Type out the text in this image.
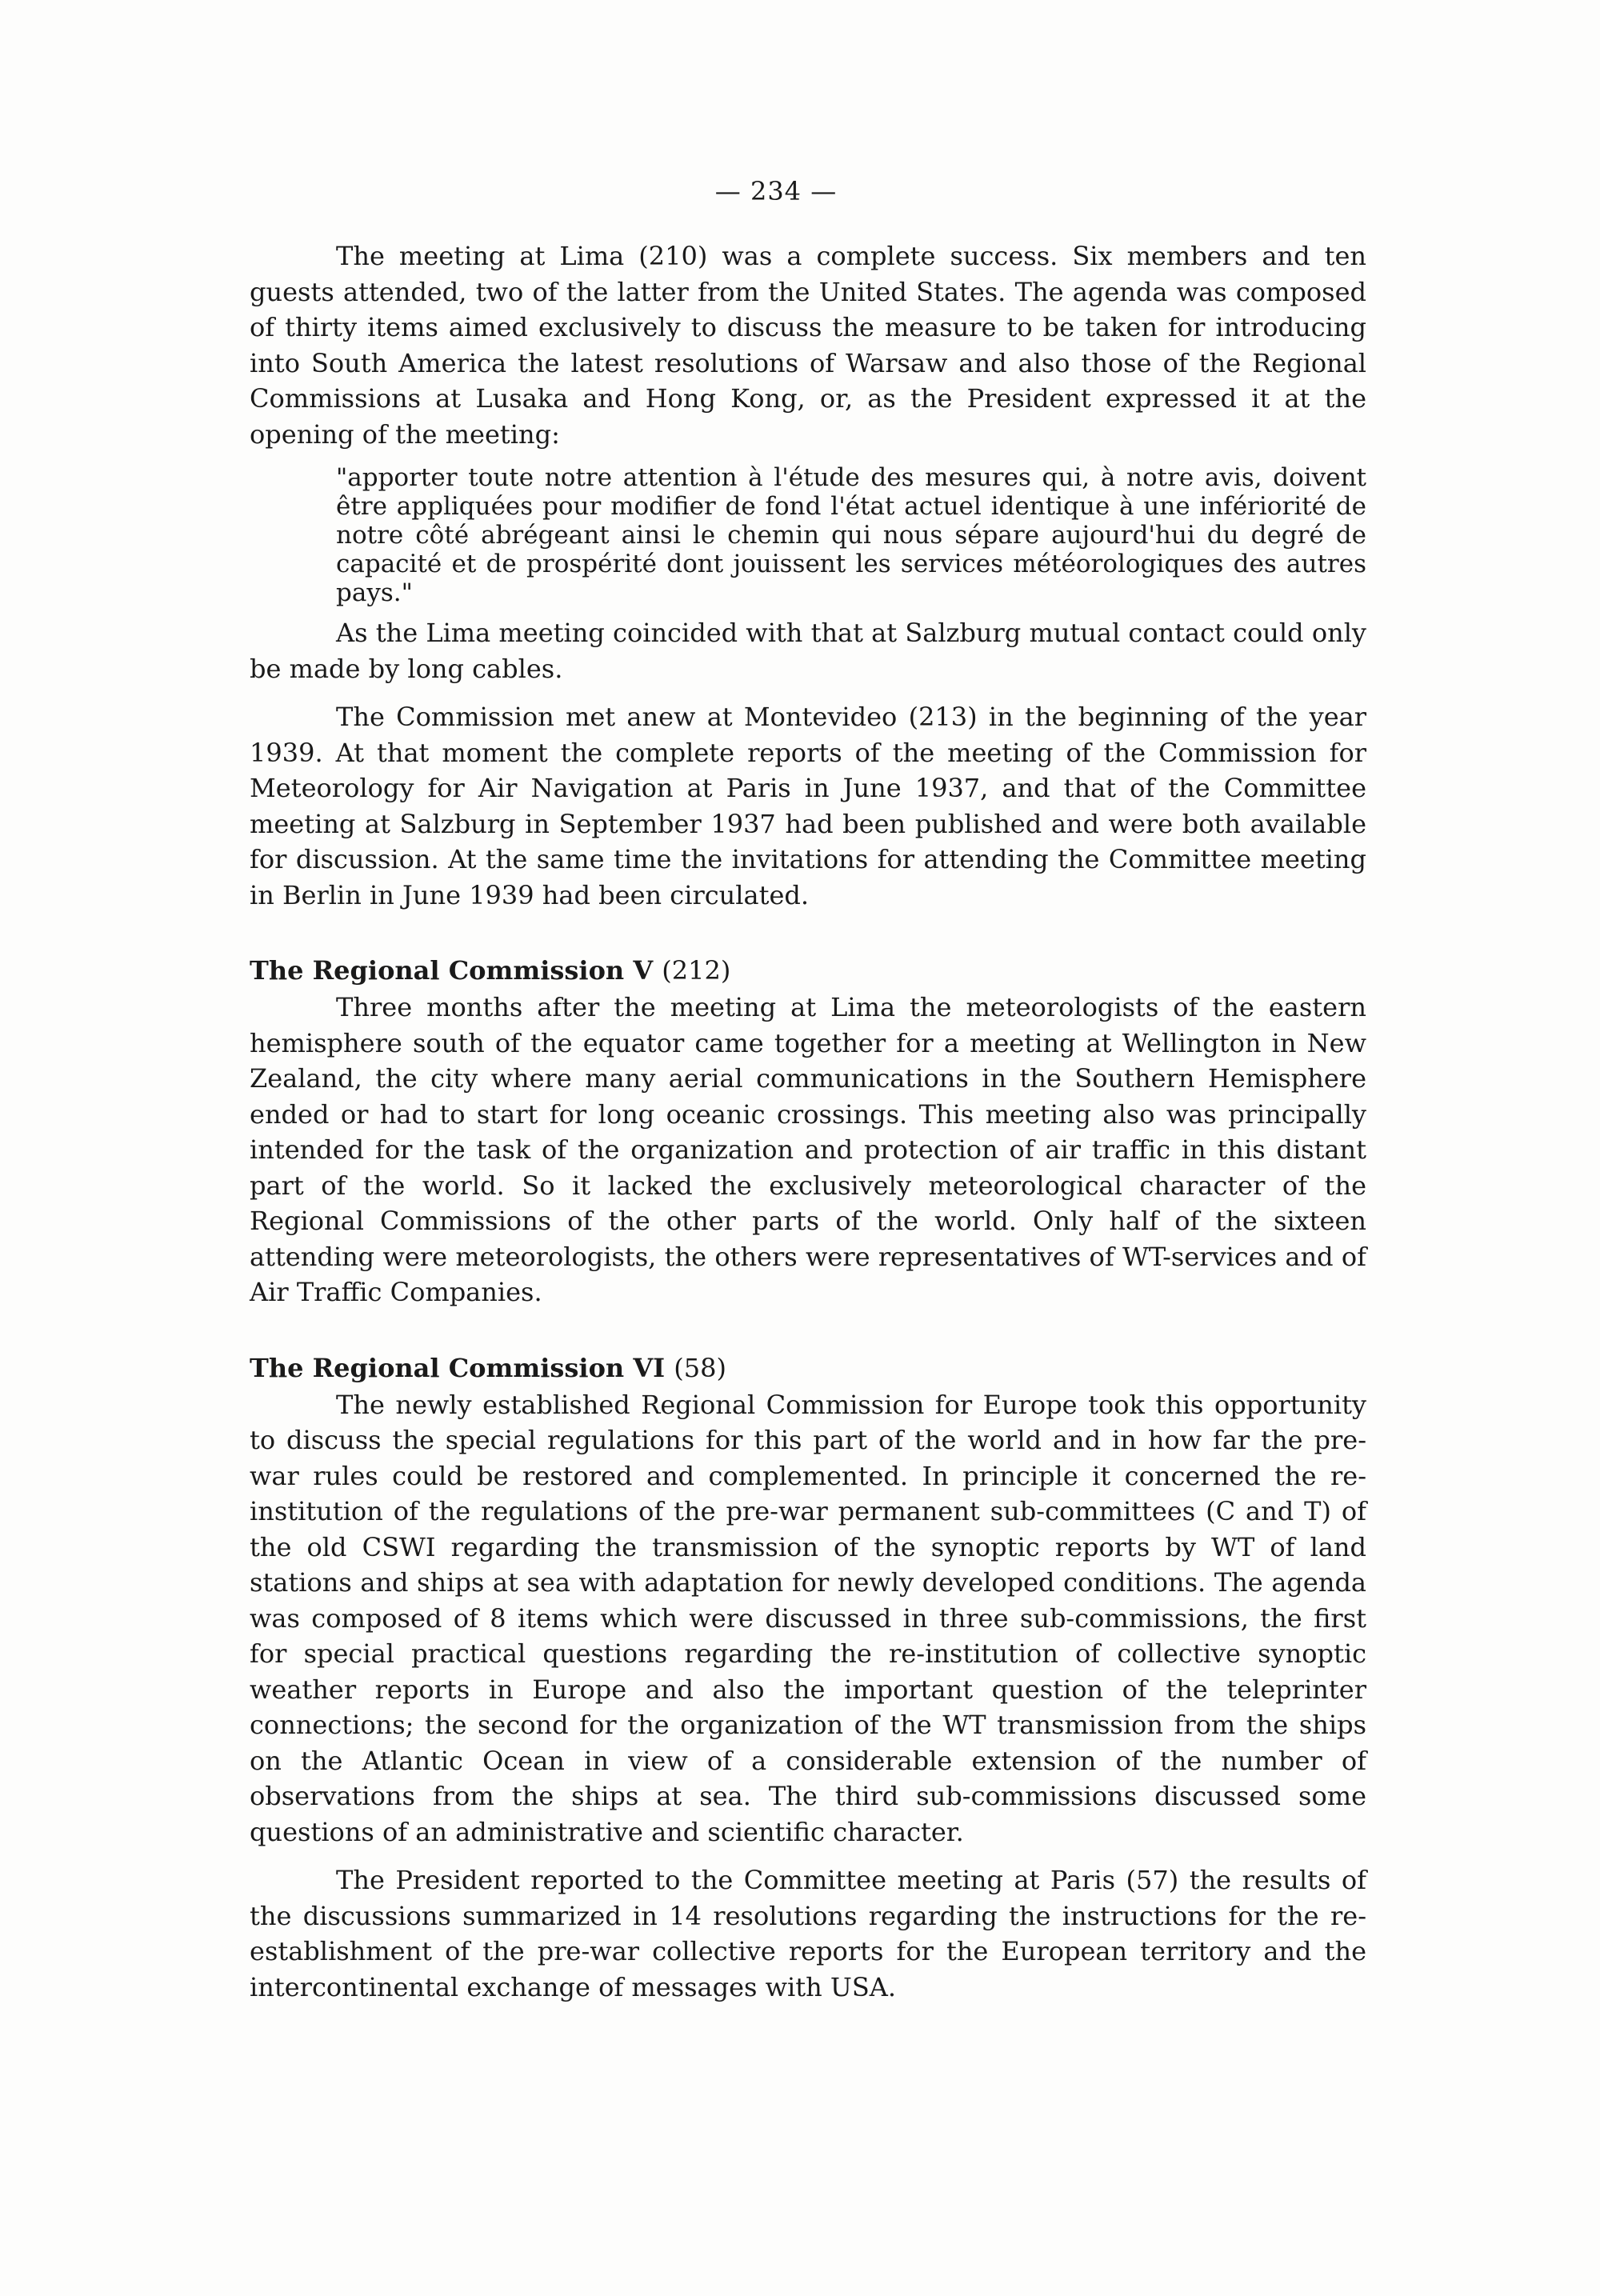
— 234 —

The meeting at Lima (210) was a complete success. Six members and ten guests attended, two of the latter from the United States. The agenda was composed of thirty items aimed exclusively to discuss the measure to be taken for introducing into South America the latest resolutions of Warsaw and also those of the Regional Commissions at Lusaka and Hong Kong, or, as the President expressed it at the opening of the meeting:

"apporter toute notre attention à l'étude des mesures qui, à notre avis, doivent être appliquées pour modifier de fond l'état actuel identique à une infériorité de notre côté abrégeant ainsi le chemin qui nous sépare aujourd'hui du degré de capacité et de prospérité dont jouissent les services météorologiques des autres pays."

As the Lima meeting coincided with that at Salzburg mutual contact could only be made by long cables.

The Commission met anew at Montevideo (213) in the beginning of the year 1939. At that moment the complete reports of the meeting of the Commission for Meteorology for Air Navigation at Paris in June 1937, and that of the Committee meeting at Salzburg in September 1937 had been published and were both available for discussion. At the same time the invitations for attending the Committee meeting in Berlin in June 1939 had been circulated.

The Regional Commission V (212)

Three months after the meeting at Lima the meteorologists of the eastern hemisphere south of the equator came together for a meeting at Wellington in New Zealand, the city where many aerial communications in the Southern Hemisphere ended or had to start for long oceanic crossings. This meeting also was principally intended for the task of the organization and protection of air traffic in this distant part of the world. So it lacked the exclusively meteorological character of the Regional Commissions of the other parts of the world. Only half of the sixteen attending were meteorologists, the others were representatives of WT-services and of Air Traffic Companies.

The Regional Commission VI (58)

The newly established Regional Commission for Europe took this opportunity to discuss the special regulations for this part of the world and in how far the pre-war rules could be restored and complemented. In principle it concerned the re-institution of the regulations of the pre-war permanent sub-committees (C and T) of the old CSWI regarding the transmission of the synoptic reports by WT of land stations and ships at sea with adaptation for newly developed conditions. The agenda was composed of 8 items which were discussed in three sub-commissions, the first for special practical questions regarding the re-institution of collective synoptic weather reports in Europe and also the important question of the teleprinter connections; the second for the organization of the WT transmission from the ships on the Atlantic Ocean in view of a considerable extension of the number of observations from the ships at sea. The third sub-commissions discussed some questions of an administrative and scientific character.

The President reported to the Committee meeting at Paris (57) the results of the discussions summarized in 14 resolutions regarding the instructions for the re-establishment of the pre-war collective reports for the European territory and the intercontinental exchange of messages with USA.
